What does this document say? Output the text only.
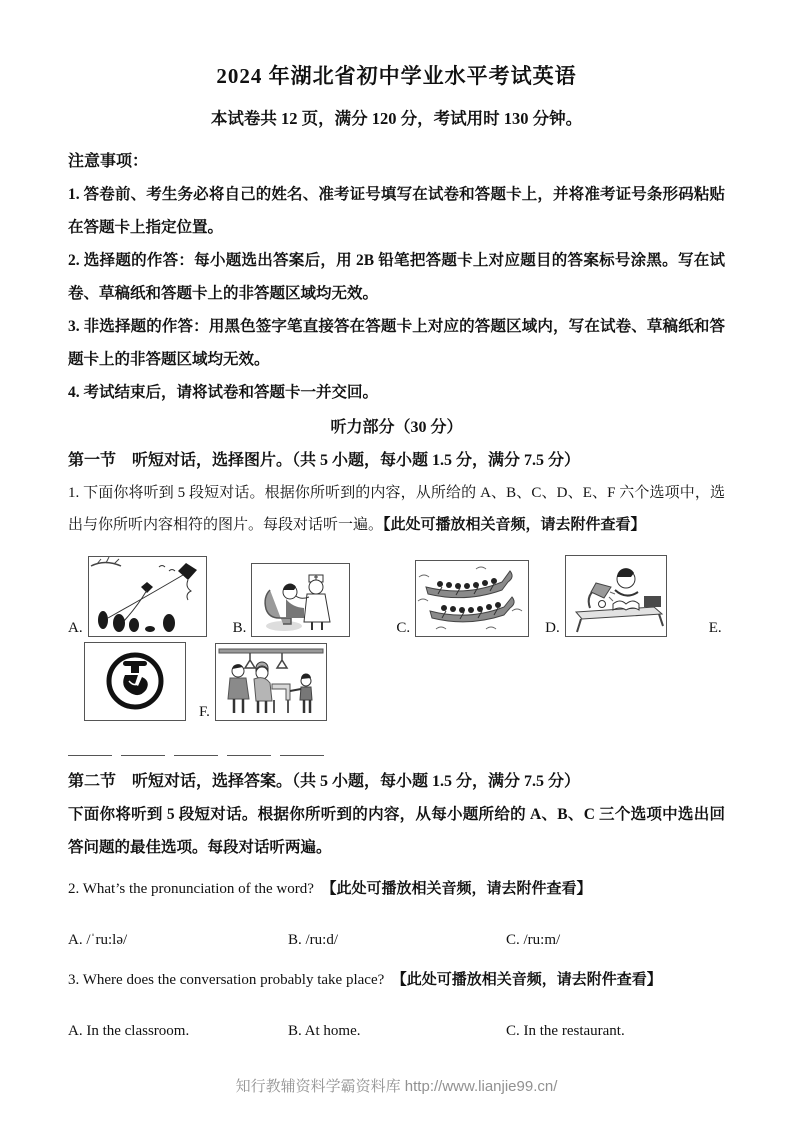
2024 年湖北省初中学业水平考试英语
本试卷共 12 页，满分 120 分，考试用时 130 分钟。
注意事项：

1. 答卷前、考生务必将自己的姓名、准考证号填写在试卷和答题卡上，并将准考证号条形码粘贴在答题卡上指定位置。

2. 选择题的作答：每小题选出答案后，用 2B 铅笔把答题卡上对应题目的答案标号涂黑。写在试卷、草稿纸和答题卡上的非答题区域均无效。

3. 非选择题的作答：用黑色签字笔直接答在答题卡上对应的答题区域内，写在试卷、草稿纸和答题卡上的非答题区域均无效。

4. 考试结束后，请将试卷和答题卡一并交回。

听力部分（30 分）
第一节　听短对话，选择图片。（共 5 小题，每小题 1.5 分，满分 7.5 分）
1. 下面你将听到 5 段短对话。根据你所听到的内容，从所给的 A、B、C、D、E、F 六个选项中，选出与你所听内容相符的图片。每段对话听一遍。【此处可播放相关音频，请去附件查看】
A.	B.	C.	D.	E.
F.
第二节　听短对话，选择答案。（共 5 小题，每小题 1.5 分，满分 7.5 分）
下面你将听到 5 段短对话。根据你所听到的内容，从每小题所给的 A、B、C 三个选项中选出回答问题的最佳选项。每段对话听两遍。
2. What’s the pronunciation of the word?　 【此处可播放相关音频，请去附件查看】
A. /ˈru:lə/	B. /ru:d/	C. /ru:m/
3. Where does the conversation probably take place?　 【此处可播放相关音频，请去附件查看】
A. In the classroom.	B. At home.	C. In the restaurant.
知行教辅资料学霸资料库 http://www.lianjie99.cn/
